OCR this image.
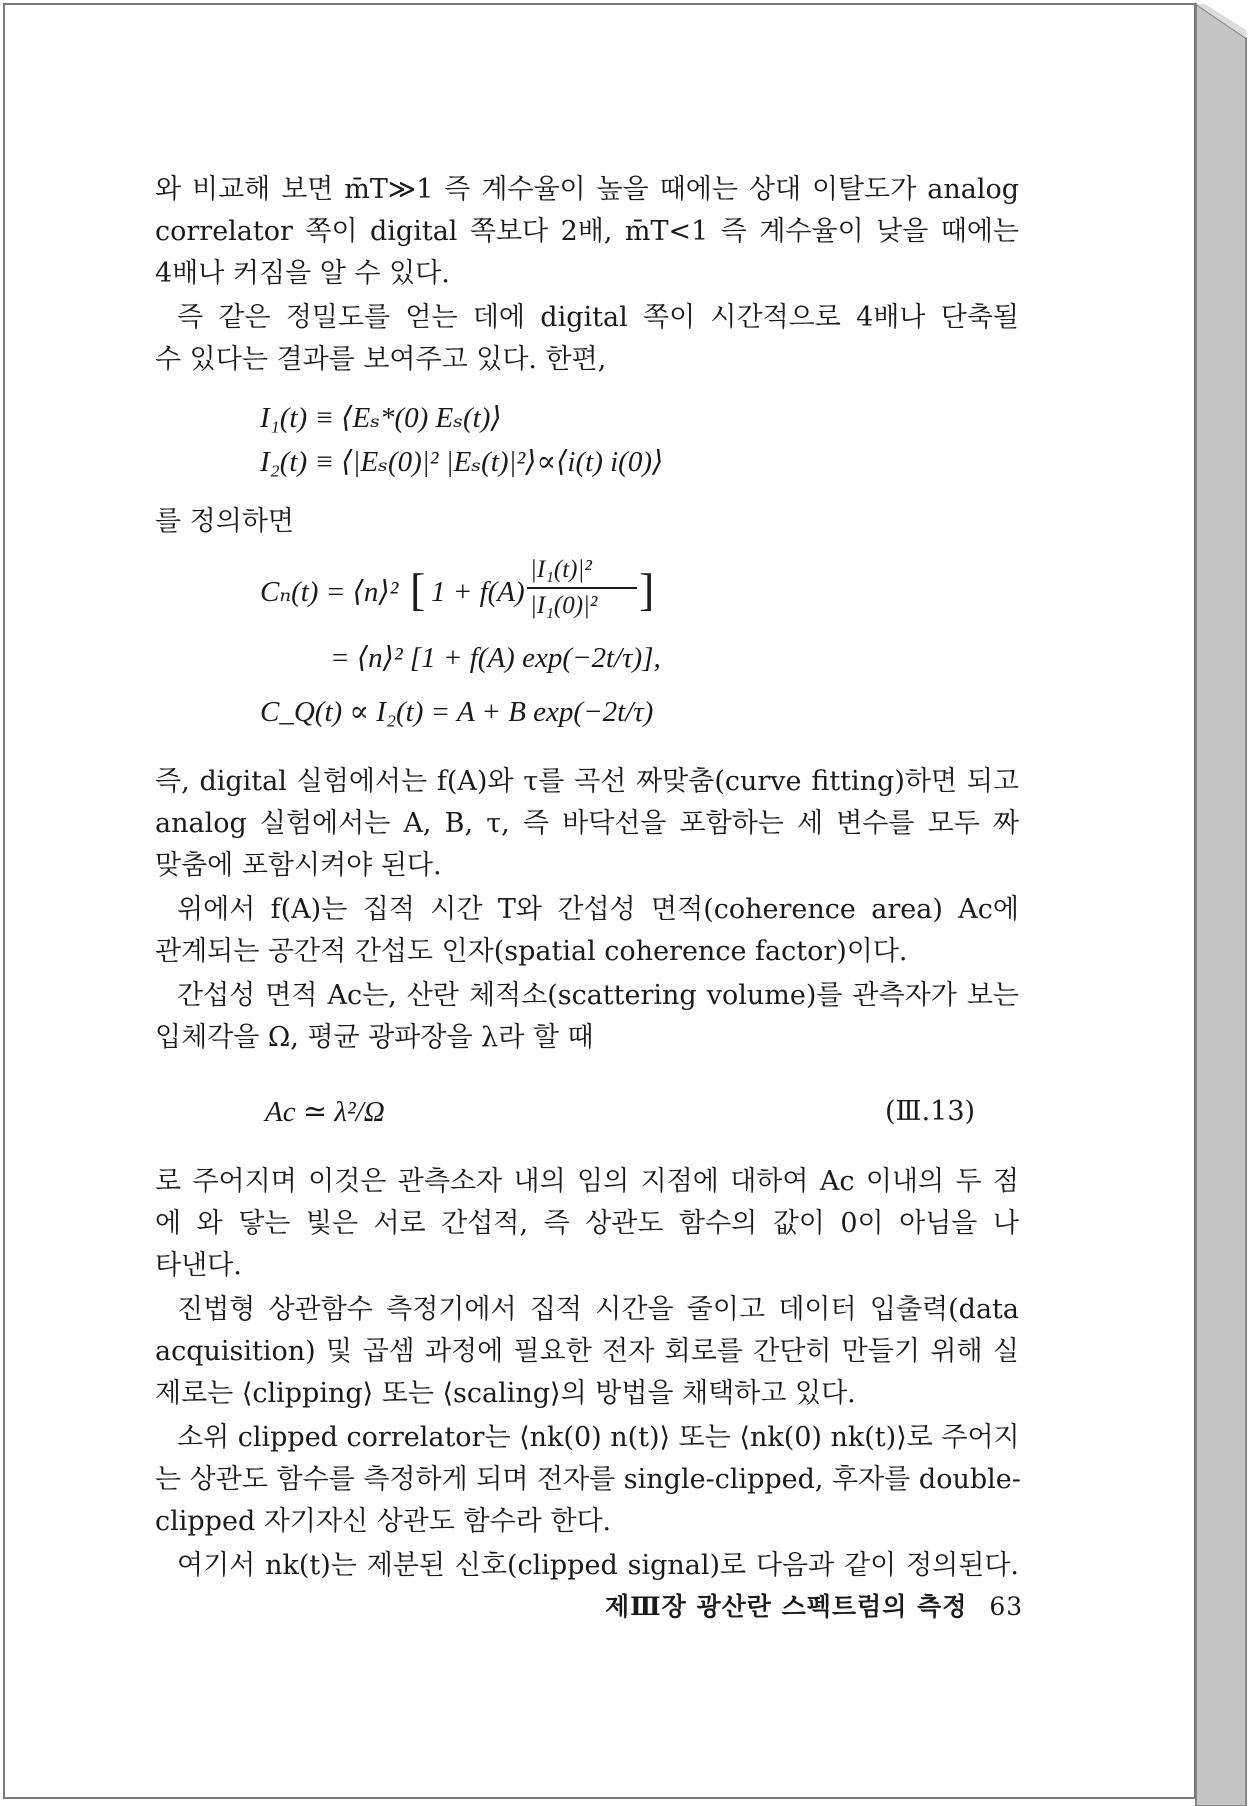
와 비교해 보면 m̄T≫1 즉 계수율이 높을 때에는 상대 이탈도가 analog
correlator 쪽이 digital 쪽보다 2배, m̄T<1 즉 계수율이 낮을 때에는
4배나 커짐을 알 수 있다.
즉 같은 정밀도를 얻는 데에 digital 쪽이 시간적으로 4배나 단축될
수 있다는 결과를 보여주고 있다. 한편,
I₁(t) ≡ ⟨Eₛ*(0) Eₛ(t)⟩
I₂(t) ≡ ⟨|Eₛ(0)|² |Eₛ(t)|²⟩∝⟨i(t) i(0)⟩
를 정의하면
Cₙ(t) = ⟨n⟩² [ 1 + f(A)
|I₁(t)|²
|I₁(0)|² ]
= ⟨n⟩² [1 + f(A) exp(−2t/τ)],
C_Q(t) ∝ I₂(t) = A + B exp(−2t/τ)
즉, digital 실험에서는 f(A)와 τ를 곡선 짜맞춤(curve fitting)하면 되고
analog 실험에서는 A, B, τ, 즉 바닥선을 포함하는 세 변수를 모두 짜
맞춤에 포함시켜야 된다.
위에서 f(A)는 집적 시간 T와 간섭성 면적(coherence area) Ac에
관계되는 공간적 간섭도 인자(spatial coherence factor)이다.
간섭성 면적 Ac는, 산란 체적소(scattering volume)를 관측자가 보는
입체각을 Ω, 평균 광파장을 λ라 할 때
Ac ≃ λ²/Ω	(Ⅲ.13)
로 주어지며 이것은 관측소자 내의 임의 지점에 대하여 Ac 이내의 두 점
에 와 닿는 빛은 서로 간섭적, 즉 상관도 함수의 값이 0이 아님을 나
타낸다.
진법형 상관함수 측정기에서 집적 시간을 줄이고 데이터 입출력(data
acquisition) 및 곱셈 과정에 필요한 전자 회로를 간단히 만들기 위해 실
제로는 ⟨clipping⟩ 또는 ⟨scaling⟩의 방법을 채택하고 있다.
소위 clipped correlator는 ⟨nk(0) n(t)⟩ 또는 ⟨nk(0) nk(t)⟩로 주어지
는 상관도 함수를 측정하게 되며 전자를 single-clipped, 후자를 double-
clipped 자기자신 상관도 함수라 한다.
여기서 nk(t)는 제분된 신호(clipped signal)로 다음과 같이 정의된다.
제Ⅲ장 광산란 스펙트럼의 측정 63
